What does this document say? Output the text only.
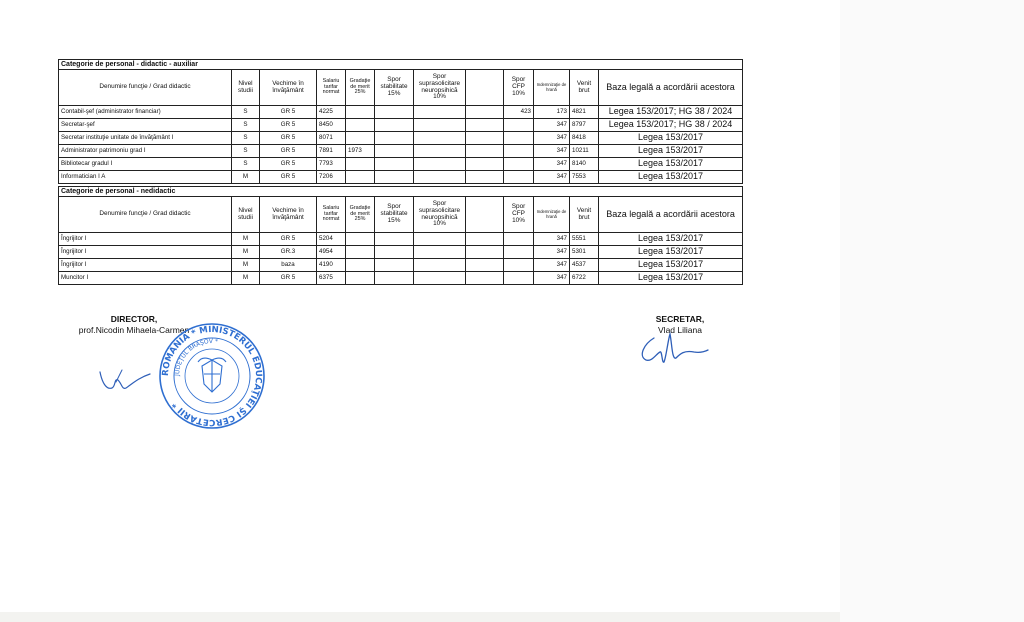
Categorie de personal - didactic - auxiliar											
Denumire funcţie / Grad didactic	Nivel studii	Vechime în învăţământ	Salariu tarifar normat	Gradaţie de merit 25%	Spor stabilitate 15%	Spor suprasolicitare neuropsihică 10%		Spor CFP 10%	Indemnizaţie de hrană	Venit brut	Baza legală a acordării acestora
Contabil-şef (administrator financiar)	S	GR 5	4225					423	173	4821	Legea 153/2017; HG 38 / 2024
Secretar-şef	S	GR 5	8450						347	8797	Legea 153/2017; HG 38 / 2024
Secretar instituţie unitate de învăţământ I	S	GR 5	8071						347	8418	Legea 153/2017
Administrator patrimoniu grad I	S	GR 5	7891	1973					347	10211	Legea 153/2017
Bibliotecar gradul I	S	GR 5	7793						347	8140	Legea 153/2017
Informatician I A	M	GR 5	7206						347	7553	Legea 153/2017
Categorie de personal - nedidactic											
Denumire funcţie / Grad didactic	Nivel studii	Vechime în învăţământ	Salariu tarifar normat	Gradaţie de merit 25%	Spor stabilitate 15%	Spor suprasolicitare neuropsihică 10%		Spor CFP 10%	Indemnizaţie de hrană	Venit brut	Baza legală a acordării acestora
Îngrijitor I	M	GR 5	5204						347	5551	Legea 153/2017
Îngrijitor I	M	GR.3	4954						347	5301	Legea 153/2017
Îngrijitor I	M	baza	4190						347	4537	Legea 153/2017
Muncitor I	M	GR 5	6375						347	6722	Legea 153/2017
DIRECTOR,
prof.Nicodin Mihaela-Carmen
SECRETAR,
Vlad Liliana
ROMÂNIA * MINISTERUL EDUCAŢIEI ŞI CERCETĂRII *
JUDEŢUL BRAŞOV *
